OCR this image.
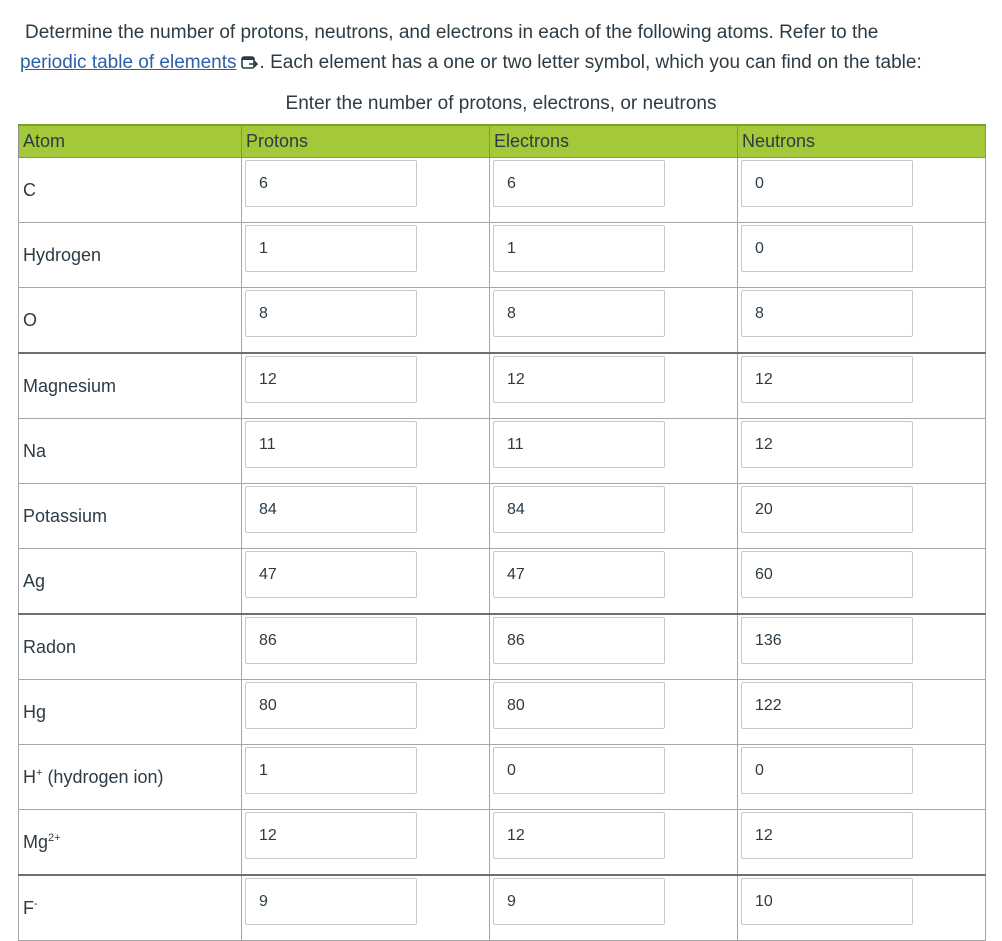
Determine the number of protons, neutrons, and electrons in each of the following atoms. Refer to the
periodic table of elements . Each element has a one or two letter symbol, which you can find on the table:
Enter the number of protons, electrons, or neutrons
Atom	Protons	Electrons	Neutrons
C	6	6	0

Hydrogen	1	1	0

O	8	8	8

Magnesium	12	12	12

Na	11	11	12

Potassium	84	84	20

Ag	47	47	60

Radon	86	86	136

Hg	80	80	122

H+ (hydrogen ion)	1	0	0

$Mg^{2+}$	12	12	12

F-	9	9	10
